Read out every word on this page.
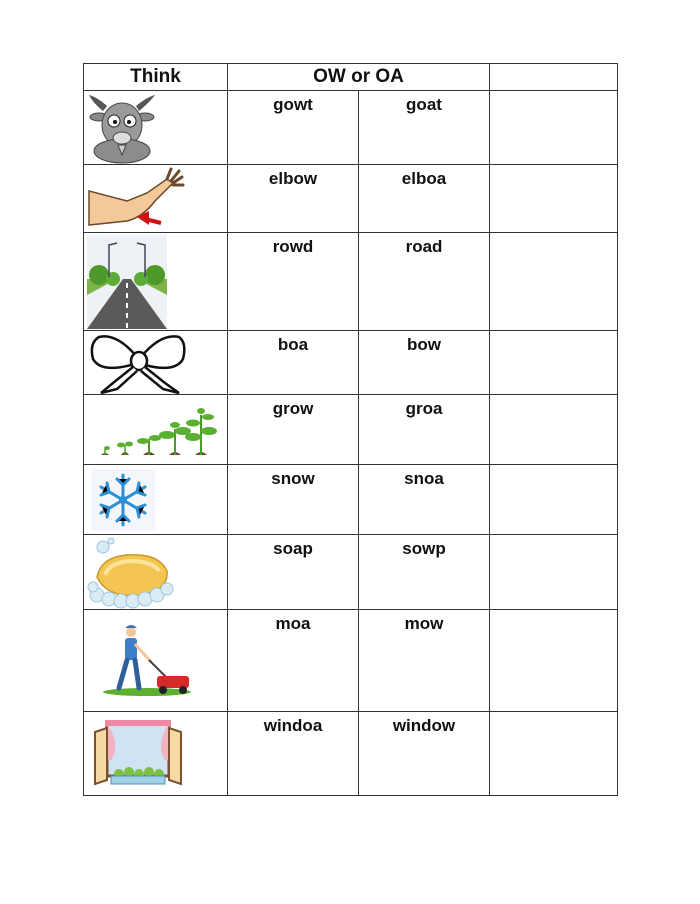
Think	OW or OA		

	gowt	goat	

	elbow	elboa	

	rowd	road	

	boa	bow	

	grow	groa	

	snow	snoa	

	soap	sowp	

	moa	mow	

	windoa	window	
